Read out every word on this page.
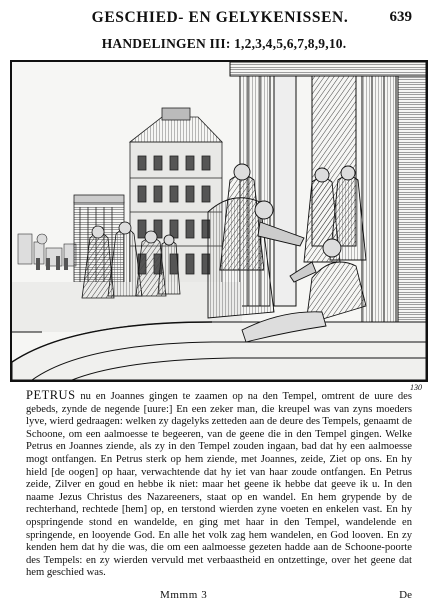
GESCHIED- EN GELYKENISSEN.	639
HANDELINGEN III: 1,2,3,4,5,6,7,8,9,10.
130

PETRUS nu en Joannes gingen te zaamen op na den Tempel, omtrent de uure des gebeds, zynde de negende [uure:] En een zeker man, die kreupel was van zyns moeders lyve, wierd gedraagen: welken zy dagelyks zetteden aan de deure des Tempels, genaamt de Schoone, om een aalmoesse te begeeren, van de geene die in den Tempel gingen. Welke Petrus en Joannes ziende, als zy in den Tempel zouden ingaan, bad dat hy een aalmoesse mogt ontfangen. En Petrus sterk op hem ziende, met Joannes, zeide, Ziet op ons. En hy hield [de oogen] op haar, verwachtende dat hy iet van haar zoude ontfangen. En Petrus zeide, Zilver en goud en hebbe ik niet: maar het geene ik hebbe dat geeve ik u. In den naame Jezus Christus des Nazareeners, staat op en wandel. En hem grypende by de rechterhand, rechtede [hem] op, en terstond wierden zyne voeten en enkelen vast. En hy opspringende stond en wandelde, en ging met haar in den Tempel, wandelende en springende, en looyende God. En alle het volk zag hem wandelen, en God looven. En zy kenden hem dat hy die was, die om een aalmoesse gezeten hadde aan de Schoone-poorte des Tempels: en zy wierden vervuld met verbaastheid en ontzettinge, over het geene dat hem geschied was.

Mmmm 3	De
